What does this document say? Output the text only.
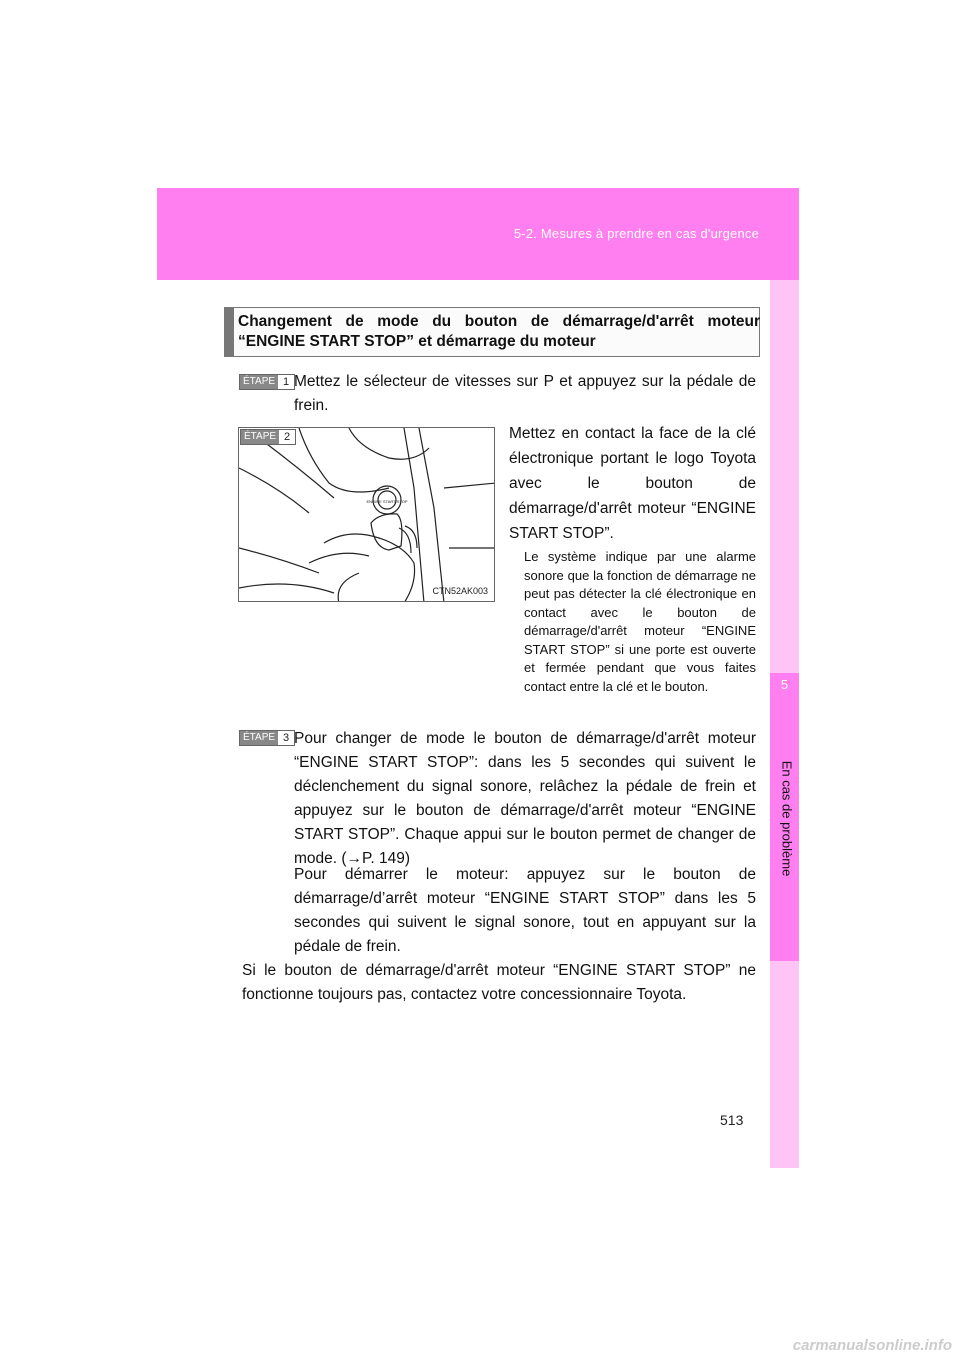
5-2. Mesures à prendre en cas d'urgence
5
En cas de problème
Changement de mode du bouton de démarrage/d'arrêt moteur “ENGINE START STOP” et démarrage du moteur
ÉTAPE 1 Mettez le sélecteur de vitesses sur P et appuyez sur la pédale de frein.
ENGINE START STOP
ÉTAPE 2
CTN52AK003
Mettez en contact la face de la clé électronique portant le logo Toyota avec le bouton de démarrage/d'arrêt moteur “ENGINE START STOP”.
Le système indique par une alarme sonore que la fonction de démarrage ne peut pas détecter la clé électronique en contact avec le bouton de démarrage/d'arrêt moteur “ENGINE START STOP” si une porte est ouverte et fermée pendant que vous faites contact entre la clé et le bouton.
ÉTAPE 3 Pour changer de mode le bouton de démarrage/d'arrêt moteur “ENGINE START STOP”: dans les 5 secondes qui suivent le déclenchement du signal sonore, relâchez la pédale de frein et appuyez sur le bouton de démarrage/d'arrêt moteur “ENGINE START STOP”. Chaque appui sur le bouton permet de changer de mode. (→P. 149)
Pour démarrer le moteur: appuyez sur le bouton de démarrage/d’arrêt moteur “ENGINE START STOP” dans les 5 secondes qui suivent le signal sonore, tout en appuyant sur la pédale de frein.
Si le bouton de démarrage/d'arrêt moteur “ENGINE START STOP” ne fonctionne toujours pas, contactez votre concessionnaire Toyota.
513
carmanualsonline.info
